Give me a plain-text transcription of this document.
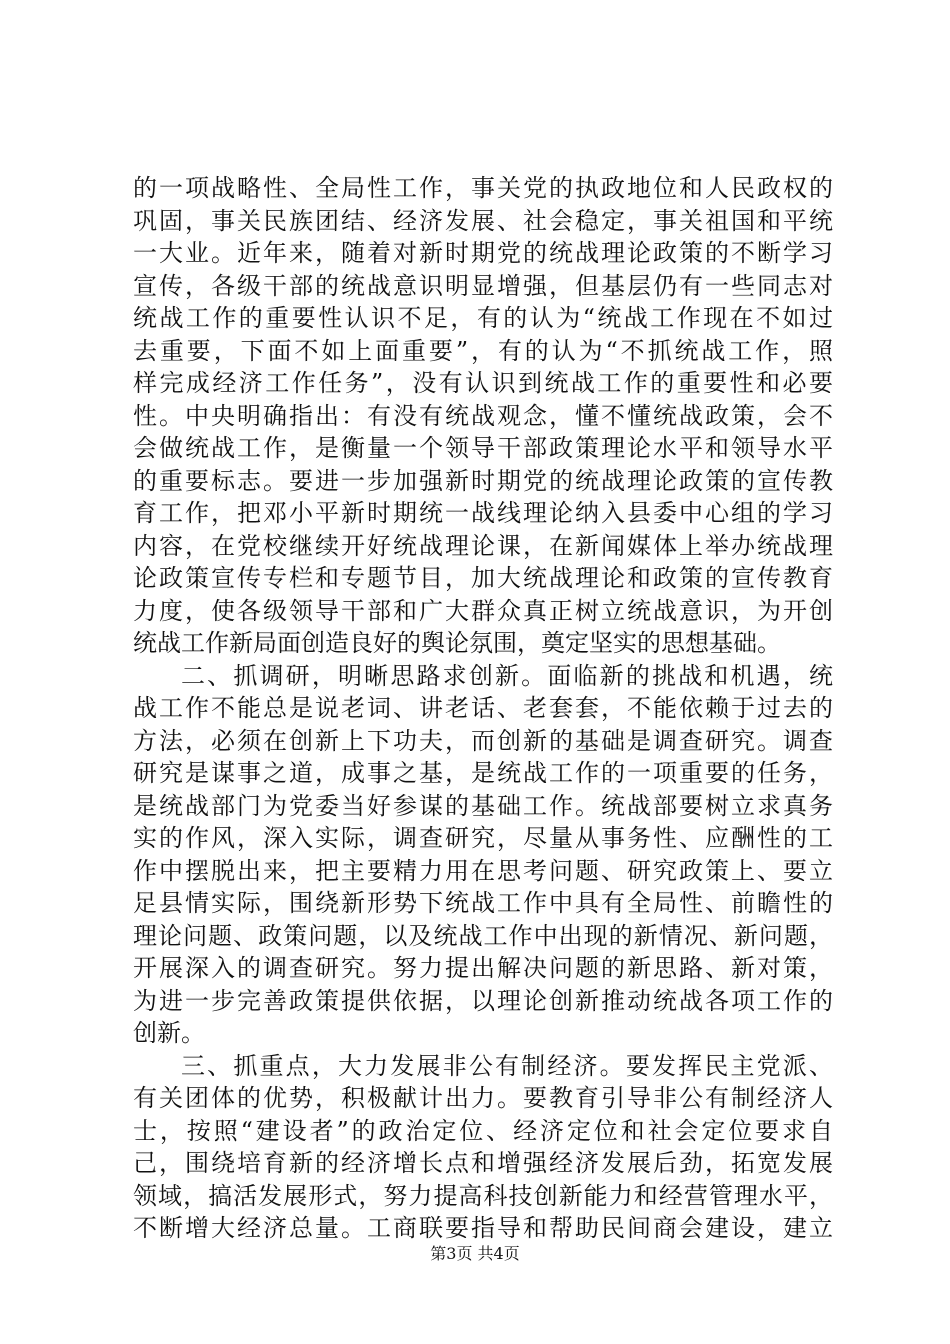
的一项战略性、全局性工作，事关党的执政地位和人民政权的
巩固，事关民族团结、经济发展、社会稳定，事关祖国和平统
一大业。近年来，随着对新时期党的统战理论政策的不断学习
宣传，各级干部的统战意识明显增强，但基层仍有一些同志对
统战工作的重要性认识不足，有的认为“统战工作现在不如过
去重要，下面不如上面重要”，有的认为“不抓统战工作，照
样完成经济工作任务”，没有认识到统战工作的重要性和必要
性。中央明确指出：有没有统战观念，懂不懂统战政策，会不
会做统战工作，是衡量一个领导干部政策理论水平和领导水平
的重要标志。要进一步加强新时期党的统战理论政策的宣传教
育工作，把邓小平新时期统一战线理论纳入县委中心组的学习
内容，在党校继续开好统战理论课，在新闻媒体上举办统战理
论政策宣传专栏和专题节目，加大统战理论和政策的宣传教育
力度，使各级领导干部和广大群众真正树立统战意识，为开创
统战工作新局面创造良好的舆论氛围，奠定坚实的思想基础。
二、抓调研，明晰思路求创新。面临新的挑战和机遇，统
战工作不能总是说老词、讲老话、老套套，不能依赖于过去的
方法，必须在创新上下功夫，而创新的基础是调查研究。调查
研究是谋事之道，成事之基，是统战工作的一项重要的任务，
是统战部门为党委当好参谋的基础工作。统战部要树立求真务
实的作风，深入实际，调查研究，尽量从事务性、应酬性的工
作中摆脱出来，把主要精力用在思考问题、研究政策上、要立
足县情实际，围绕新形势下统战工作中具有全局性、前瞻性的
理论问题、政策问题，以及统战工作中出现的新情况、新问题，
开展深入的调查研究。努力提出解决问题的新思路、新对策，
为进一步完善政策提供依据，以理论创新推动统战各项工作的
创新。
三、抓重点，大力发展非公有制经济。要发挥民主党派、
有关团体的优势，积极献计出力。要教育引导非公有制经济人
士，按照“建设者”的政治定位、经济定位和社会定位要求自
己，围绕培育新的经济增长点和增强经济发展后劲，拓宽发展
领域，搞活发展形式，努力提高科技创新能力和经营管理水平，
不断增大经济总量。工商联要指导和帮助民间商会建设，建立
第3页 共4页
